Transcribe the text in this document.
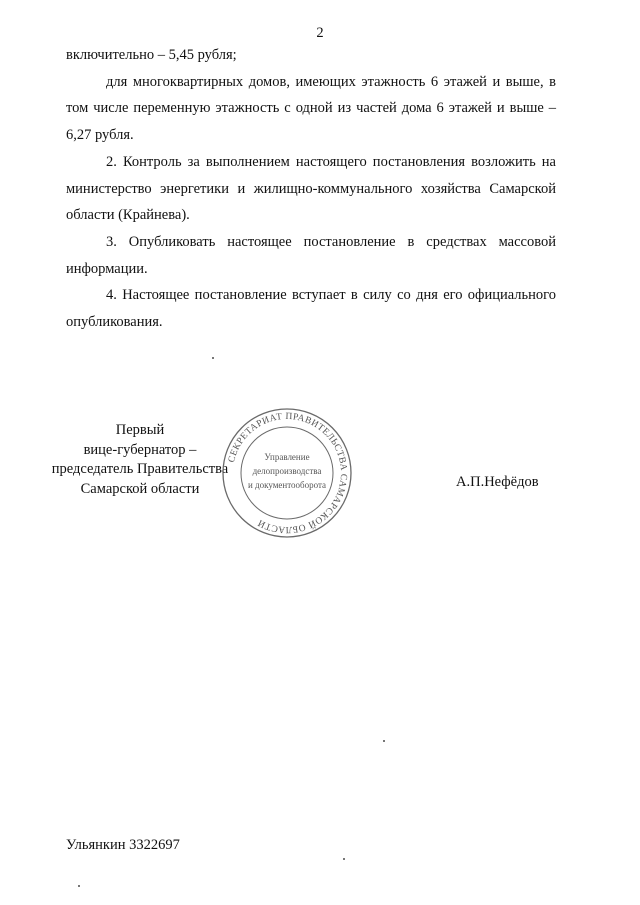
2

включительно – 5,45 рубля;

для многоквартирных домов, имеющих этажность 6 этажей и выше, в том числе переменную этажность с одной из частей дома 6 этажей и выше – 6,27 рубля.

2. Контроль за выполнением настоящего постановления возложить на министерство энергетики и жилищно-коммунального хозяйства Самарской области (Крайнева).

3. Опубликовать настоящее постановление в средствах массовой информации.

4. Настоящее постановление вступает в силу со дня его официального опубликования.

Первый
вице-губернатор –
председатель Правительства
Самарской области
СЕКРЕТАРИАТ ПРАВИТЕЛЬСТВА САМАРСКОЙ ОБЛАСТИ
Управление
делопроизводства
и документооборота	А.П.Нефёдов
Ульянкин 3322697
